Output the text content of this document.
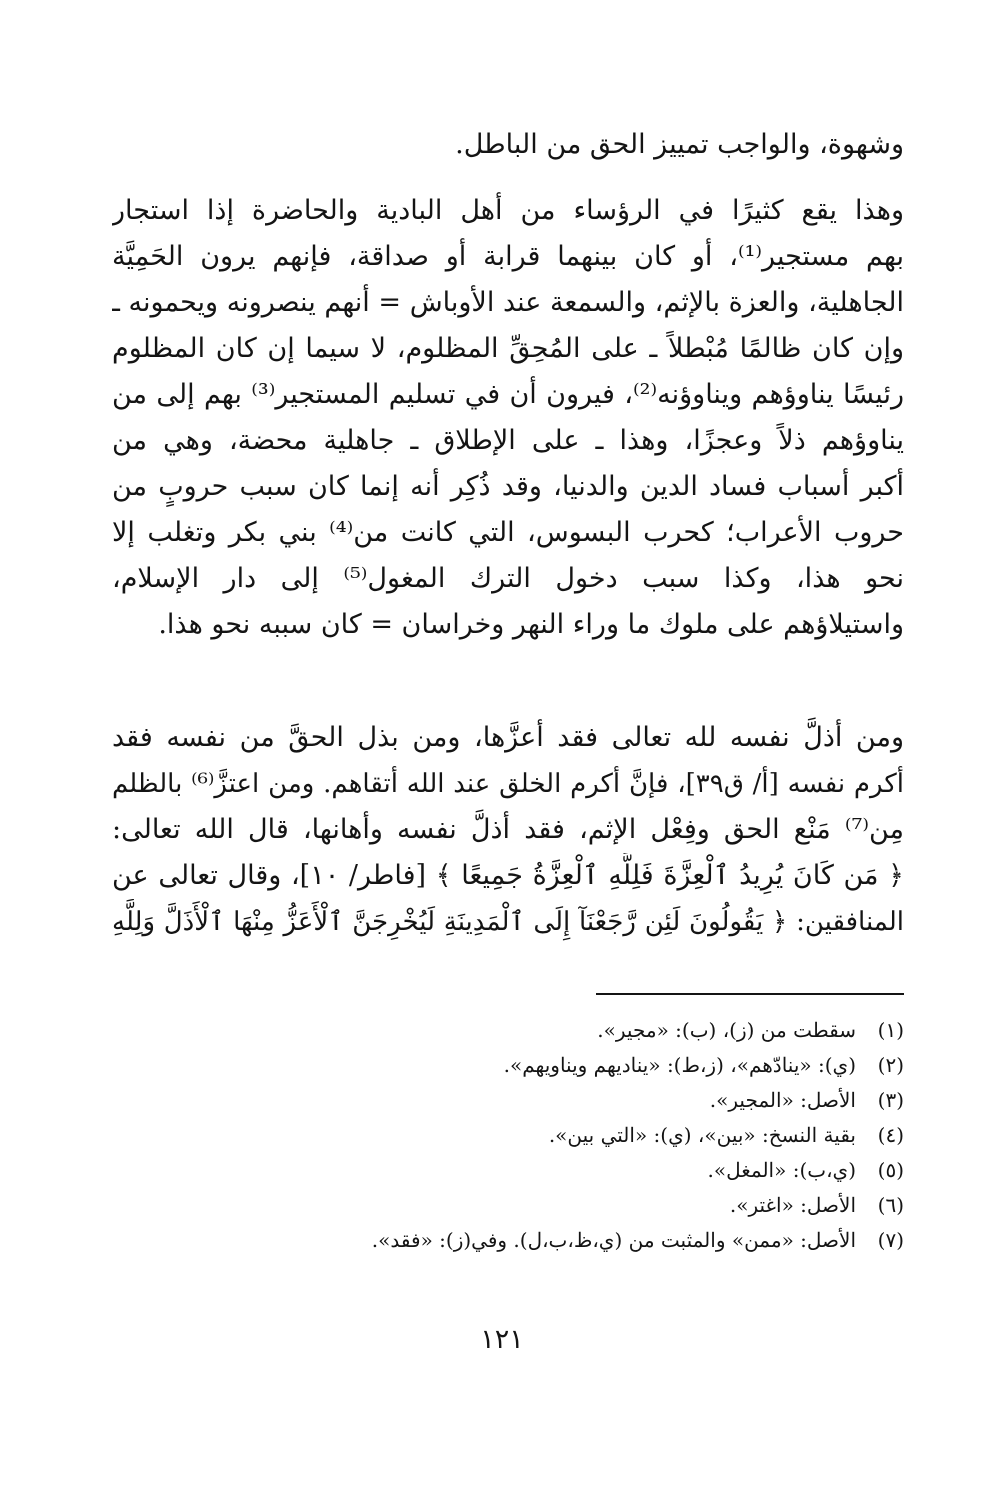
وشهوة، والواجب تمييز الحق من الباطل.
وهذا يقع كثيرًا في الرؤساء من أهل البادية والحاضرة إذا استجار
بهم مستجير⁽¹⁾، أو كان بينهما قرابة أو صداقة، فإنهم يرون الحَمِيَّة
الجاهلية، والعزة بالإثم، والسمعة عند الأوباش = أنهم ينصرونه ويحمونه ـ
وإن كان ظالمًا مُبْطلاً ـ على المُحِقِّ المظلوم، لا سيما إن كان المظلوم
رئيسًا يناوؤهم ويناوؤنه⁽²⁾، فيرون أن في تسليم المستجير⁽³⁾ بهم إلى من
يناوؤهم ذلاً وعجزًا، وهذا ـ على الإطلاق ـ جاهلية محضة، وهي من
أكبر أسباب فساد الدين والدنيا، وقد ذُكِر أنه إنما كان سبب حروبٍ من
حروب الأعراب؛ كحرب البسوس، التي كانت من⁽⁴⁾ بني بكر وتغلب إلا
نحو هذا، وكذا سبب دخول الترك المغول⁽⁵⁾ إلى دار الإسلام،
واستيلاؤهم على ملوك ما وراء النهر وخراسان = كان سببه نحو هذا.
ومن أذلَّ نفسه لله تعالى فقد أعزَّها، ومن بذل الحقَّ من نفسه فقد
أكرم نفسه [أ/ ق٣٩]، فإنَّ أكرم الخلق عند الله أتقاهم. ومن اعتزَّ⁽⁶⁾ بالظلم
مِن⁽⁷⁾ مَنْع الحق وفِعْل الإثم، فقد أذلَّ نفسه وأهانها، قال الله تعالى:
﴿ مَن كَانَ يُرِيدُ ٱلْعِزَّةَ فَلِلَّهِ ٱلْعِزَّةُ جَمِيعًا ﴾ [فاطر/ ١٠]، وقال تعالى عن
المنافقين: ﴿ يَقُولُونَ لَئِن رَّجَعْنَآ إِلَى ٱلْمَدِينَةِ لَيُخْرِجَنَّ ٱلْأَعَزُّ مِنْهَا ٱلْأَذَلَّ وَلِلَّهِ
(١)
سقطت من (ز)، (ب): «مجير».
(٢)
(ي): «ينادّهم»، (ز،ط): «ينادیهم ويناويهم».
(٣)
الأصل: «المجير».
(٤)
بقية النسخ: «بين»، (ي): «التي بين».
(٥)
(ي،ب): «المغل».
(٦)
الأصل: «اغتر».
(٧)
الأصل: «ممن» والمثبت من (ي،ظ،ب،ل). وفي(ز): «فقد».
١٢١
